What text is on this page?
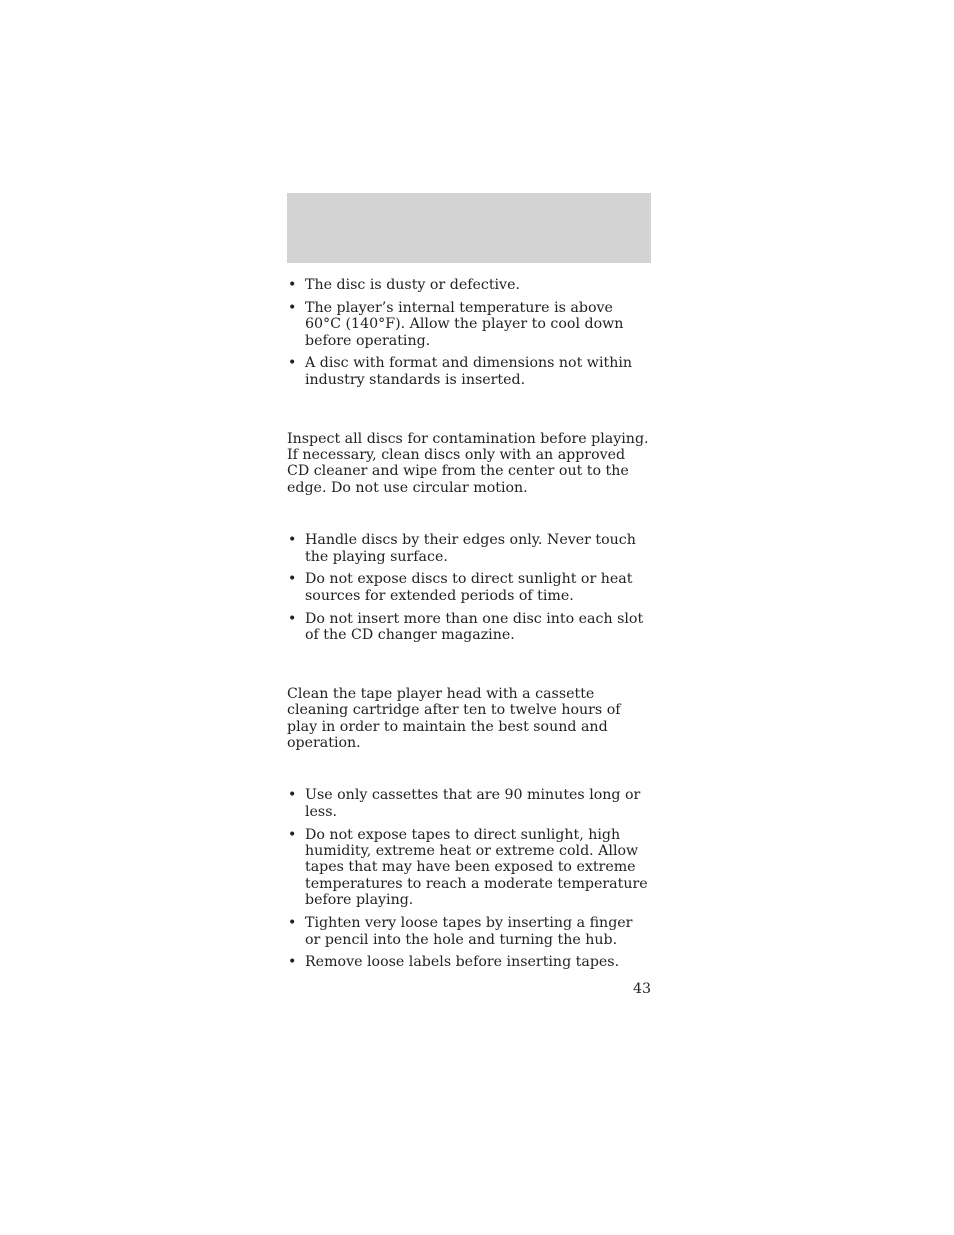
• The disc is dusty or defective.
• The player’s internal temperature is above 60°C (140°F). Allow the player to cool down before operating.
• A disc with format and dimensions not within industry standards is inserted.

Inspect all discs for contamination before playing. If necessary, clean discs only with an approved CD cleaner and wipe from the center out to the edge. Do not use circular motion.

• Handle discs by their edges only. Never touch the playing surface.
• Do not expose discs to direct sunlight or heat sources for extended periods of time.
• Do not insert more than one disc into each slot of the CD changer magazine.

Clean the tape player head with a cassette cleaning cartridge after ten to twelve hours of play in order to maintain the best sound and operation.

• Use only cassettes that are 90 minutes long or less.
• Do not expose tapes to direct sunlight, high humidity, extreme heat or extreme cold. Allow tapes that may have been exposed to extreme temperatures to reach a moderate temperature before playing.
• Tighten very loose tapes by inserting a finger or pencil into the hole and turning the hub.
• Remove loose labels before inserting tapes.
43
